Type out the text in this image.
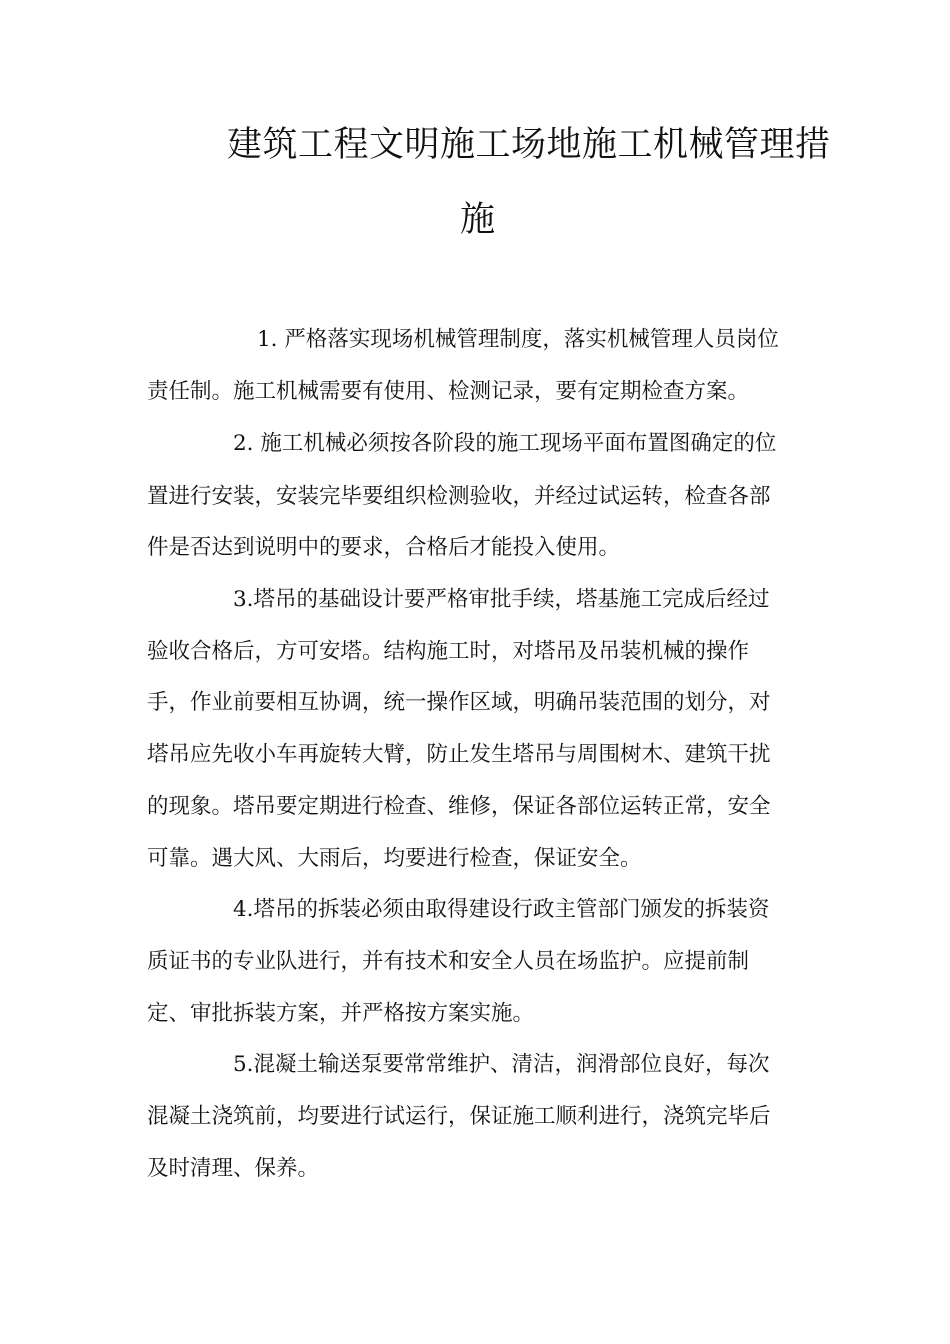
建筑工程文明施工场地施工机械管理措
施
1. 严格落实现场机械管理制度，落实机械管理人员岗位
责任制。施工机械需要有使用、检测记录，要有定期检查方案。
2. 施工机械必须按各阶段的施工现场平面布置图确定的位
置进行安装，安装完毕要组织检测验收，并经过试运转，检查各部
件是否达到说明中的要求，合格后才能投入使用。
3.塔吊的基础设计要严格审批手续，塔基施工完成后经过
验收合格后，方可安塔。结构施工时，对塔吊及吊装机械的操作
手，作业前要相互协调，统一操作区域，明确吊装范围的划分，对
塔吊应先收小车再旋转大臂，防止发生塔吊与周围树木、建筑干扰
的现象。塔吊要定期进行检查、维修，保证各部位运转正常，安全
可靠。遇大风、大雨后，均要进行检查，保证安全。
4.塔吊的拆装必须由取得建设行政主管部门颁发的拆装资
质证书的专业队进行，并有技术和安全人员在场监护。应提前制
定、审批拆装方案，并严格按方案实施。
5.混凝土输送泵要常常维护、清洁，润滑部位良好，每次
混凝土浇筑前，均要进行试运行，保证施工顺利进行，浇筑完毕后
及时清理、保养。
